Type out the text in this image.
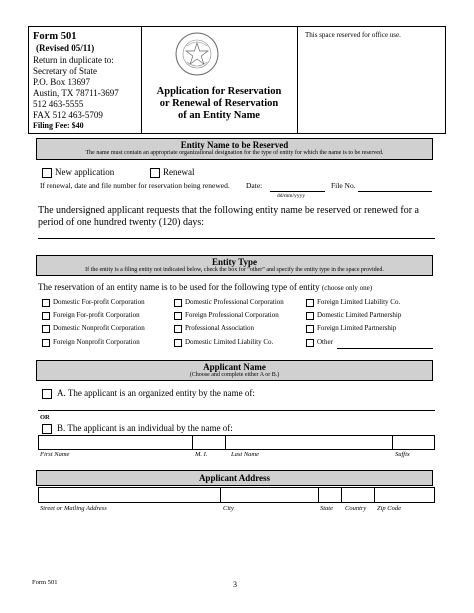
Form 501
(Revised 05/11)
Return in duplicate to:
Secretary of State
P.O. Box 13697
Austin, TX 78711-3697
512 463-5555
FAX 512 463-5709
Filing Fee: $40
Application for Reservation
or Renewal of Reservation
of an Entity Name
This space reserved for office use.
Entity Name to be Reserved
The name must contain an appropriate organizational designation for the type of entity for which the name is to be reserved.
New application	Renewal
If renewal, date and file number for reservation being renewed. Date:
dd/mm/yyyy
File No.
The undersigned applicant requests that the following entity name be reserved or renewed for a period of one hundred twenty (120) days:
Entity Type
If the entity is a filing entity not indicated below, check the box for “other” and specify the entity type in the space provided.
The reservation of an entity name is to be used for the following type of entity (choose only one)
Domestic For-profit Corporation	Domestic Professional Corporation	Foreign Limited Liability Co.
Foreign For-profit Corporation	Foreign Professional Corporation	Domestic Limited Partnership
Domestic Nonprofit Corporation	Professional Association	Foreign Limited Partnership
Foreign Nonprofit Corporation	Domestic Limited Liability Co.	Other
Applicant Name
(Choose and complete either A or B.)
A. The applicant is an organized entity by the name of:
OR
B. The applicant is an individual by the name of:
First Name	M. I.	Last Name	Suffix
Applicant Address
Street or Mailing Address	City	State Country Zip Code
Form 501	3
